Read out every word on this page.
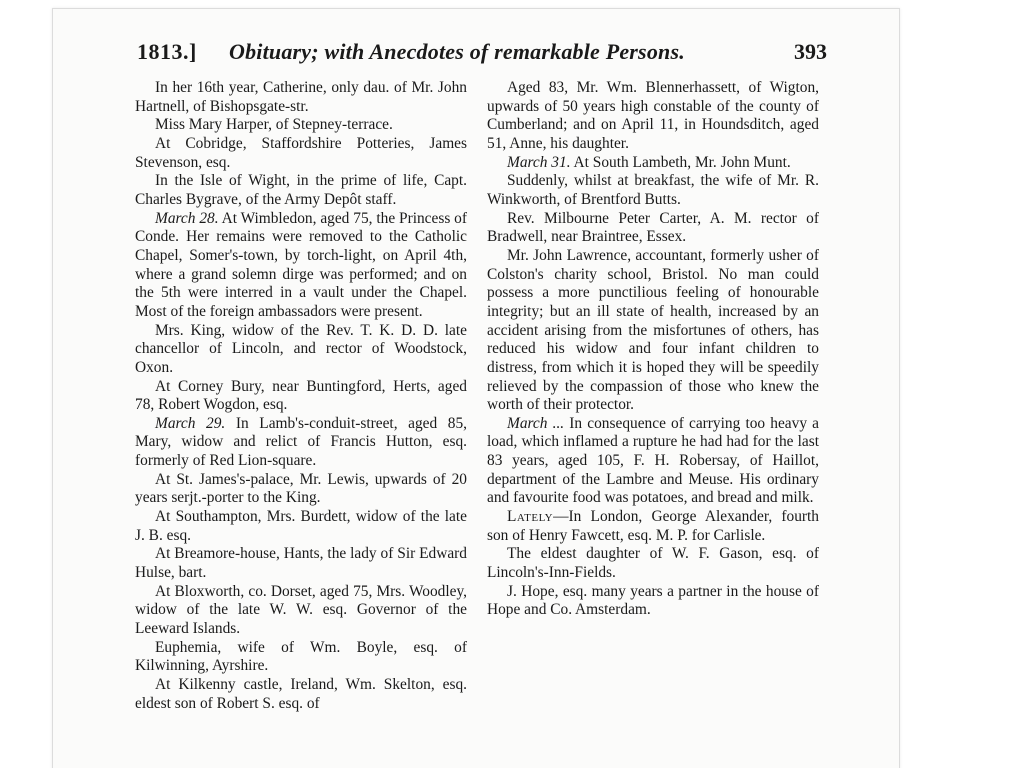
1813.] Obituary; with Anecdotes of remarkable Persons.	393

In her 16th year, Catherine, only dau. of Mr. John Hartnell, of Bishopsgate-str.

Miss Mary Harper, of Stepney-terrace.

At Cobridge, Staffordshire Potteries, James Stevenson, esq.

In the Isle of Wight, in the prime of life, Capt. Charles Bygrave, of the Army Depôt staff.

March 28. At Wimbledon, aged 75, the Princess of Conde. Her remains were removed to the Catholic Chapel, Somer's-town, by torch-light, on April 4th, where a grand solemn dirge was performed; and on the 5th were interred in a vault under the Chapel. Most of the foreign ambassadors were present.

Mrs. King, widow of the Rev. T. K. D. D. late chancellor of Lincoln, and rector of Woodstock, Oxon.

At Corney Bury, near Buntingford, Herts, aged 78, Robert Wogdon, esq.

March 29. In Lamb's-conduit-street, aged 85, Mary, widow and relict of Francis Hutton, esq. formerly of Red Lion-square.

At St. James's-palace, Mr. Lewis, upwards of 20 years serjt.-porter to the King.

At Southampton, Mrs. Burdett, widow of the late J. B. esq.

At Breamore-house, Hants, the lady of Sir Edward Hulse, bart.

At Bloxworth, co. Dorset, aged 75, Mrs. Woodley, widow of the late W. W. esq. Governor of the Leeward Islands.

Euphemia, wife of Wm. Boyle, esq. of Kilwinning, Ayrshire.

At Kilkenny castle, Ireland, Wm. Skelton, esq. eldest son of Robert S. esq. of

Aged 83, Mr. Wm. Blennerhassett, of Wigton, upwards of 50 years high constable of the county of Cumberland; and on April 11, in Houndsditch, aged 51, Anne, his daughter.

March 31. At South Lambeth, Mr. John Munt.

Suddenly, whilst at breakfast, the wife of Mr. R. Winkworth, of Brentford Butts.

Rev. Milbourne Peter Carter, A. M. rector of Bradwell, near Braintree, Essex.

Mr. John Lawrence, accountant, formerly usher of Colston's charity school, Bristol. No man could possess a more punctilious feeling of honourable integrity; but an ill state of health, increased by an accident arising from the misfortunes of others, has reduced his widow and four infant children to distress, from which it is hoped they will be speedily relieved by the compassion of those who knew the worth of their protector.

March ... In consequence of carrying too heavy a load, which inflamed a rupture he had had for the last 83 years, aged 105, F. H. Robersay, of Haillot, department of the Lambre and Meuse. His ordinary and favourite food was potatoes, and bread and milk.

Lately—In London, George Alexander, fourth son of Henry Fawcett, esq. M. P. for Carlisle.

The eldest daughter of W. F. Gason, esq. of Lincoln's-Inn-Fields.

J. Hope, esq. many years a partner in the house of Hope and Co. Amsterdam.
